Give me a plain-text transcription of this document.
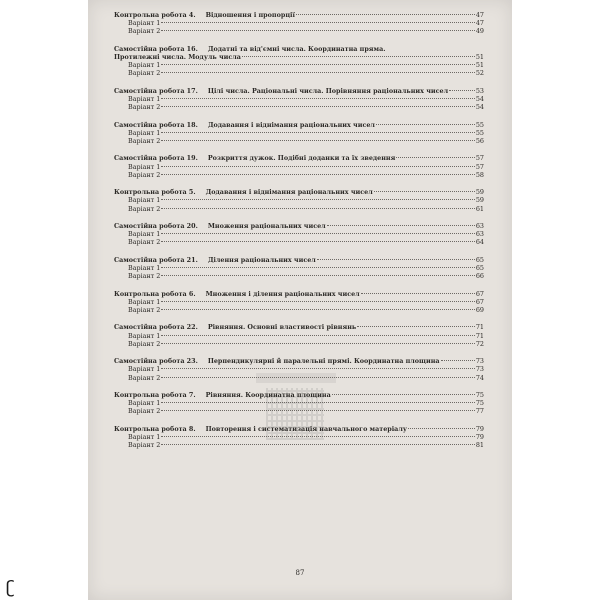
Контрольна робота 4. Відношення і пропорції	47
Варіант 1	47
Варіант 2	49
Самостійна робота 16. Додатні та від'ємні числа. Координатна пряма.
Протилежні числа. Модуль числа	51
Варіант 1	51
Варіант 2	52
Самостійна робота 17. Цілі числа. Раціональні числа. Порівняння раціональних чисел	53
Варіант 1	54
Варіант 2	54
Самостійна робота 18. Додавання і віднімання раціональних чисел	55
Варіант 1	55
Варіант 2	56
Самостійна робота 19. Розкриття дужок. Подібні доданки та їх зведення	57
Варіант 1	57
Варіант 2	58
Контрольна робота 5. Додавання і віднімання раціональних чисел	59
Варіант 1	59
Варіант 2	61
Самостійна робота 20. Множення раціональних чисел	63
Варіант 1	63
Варіант 2	64
Самостійна робота 21. Ділення раціональних чисел	65
Варіант 1	65
Варіант 2	66
Контрольна робота 6. Множення і ділення раціональних чисел	67
Варіант 1	67
Варіант 2	69
Самостійна робота 22. Рівняння. Основні властивості рівнянь	71
Варіант 1	71
Варіант 2	72
Самостійна робота 23. Перпендикулярні й паралельні прямі. Координатна площина	73
Варіант 1	73
Варіант 2	74
Контрольна робота 7. Рівняння. Координатна площина	75
Варіант 1	75
Варіант 2	77
Контрольна робота 8. Повторення і систематизація навчального матеріалу	79
Варіант 1	79
Варіант 2	81
87
ʗ
